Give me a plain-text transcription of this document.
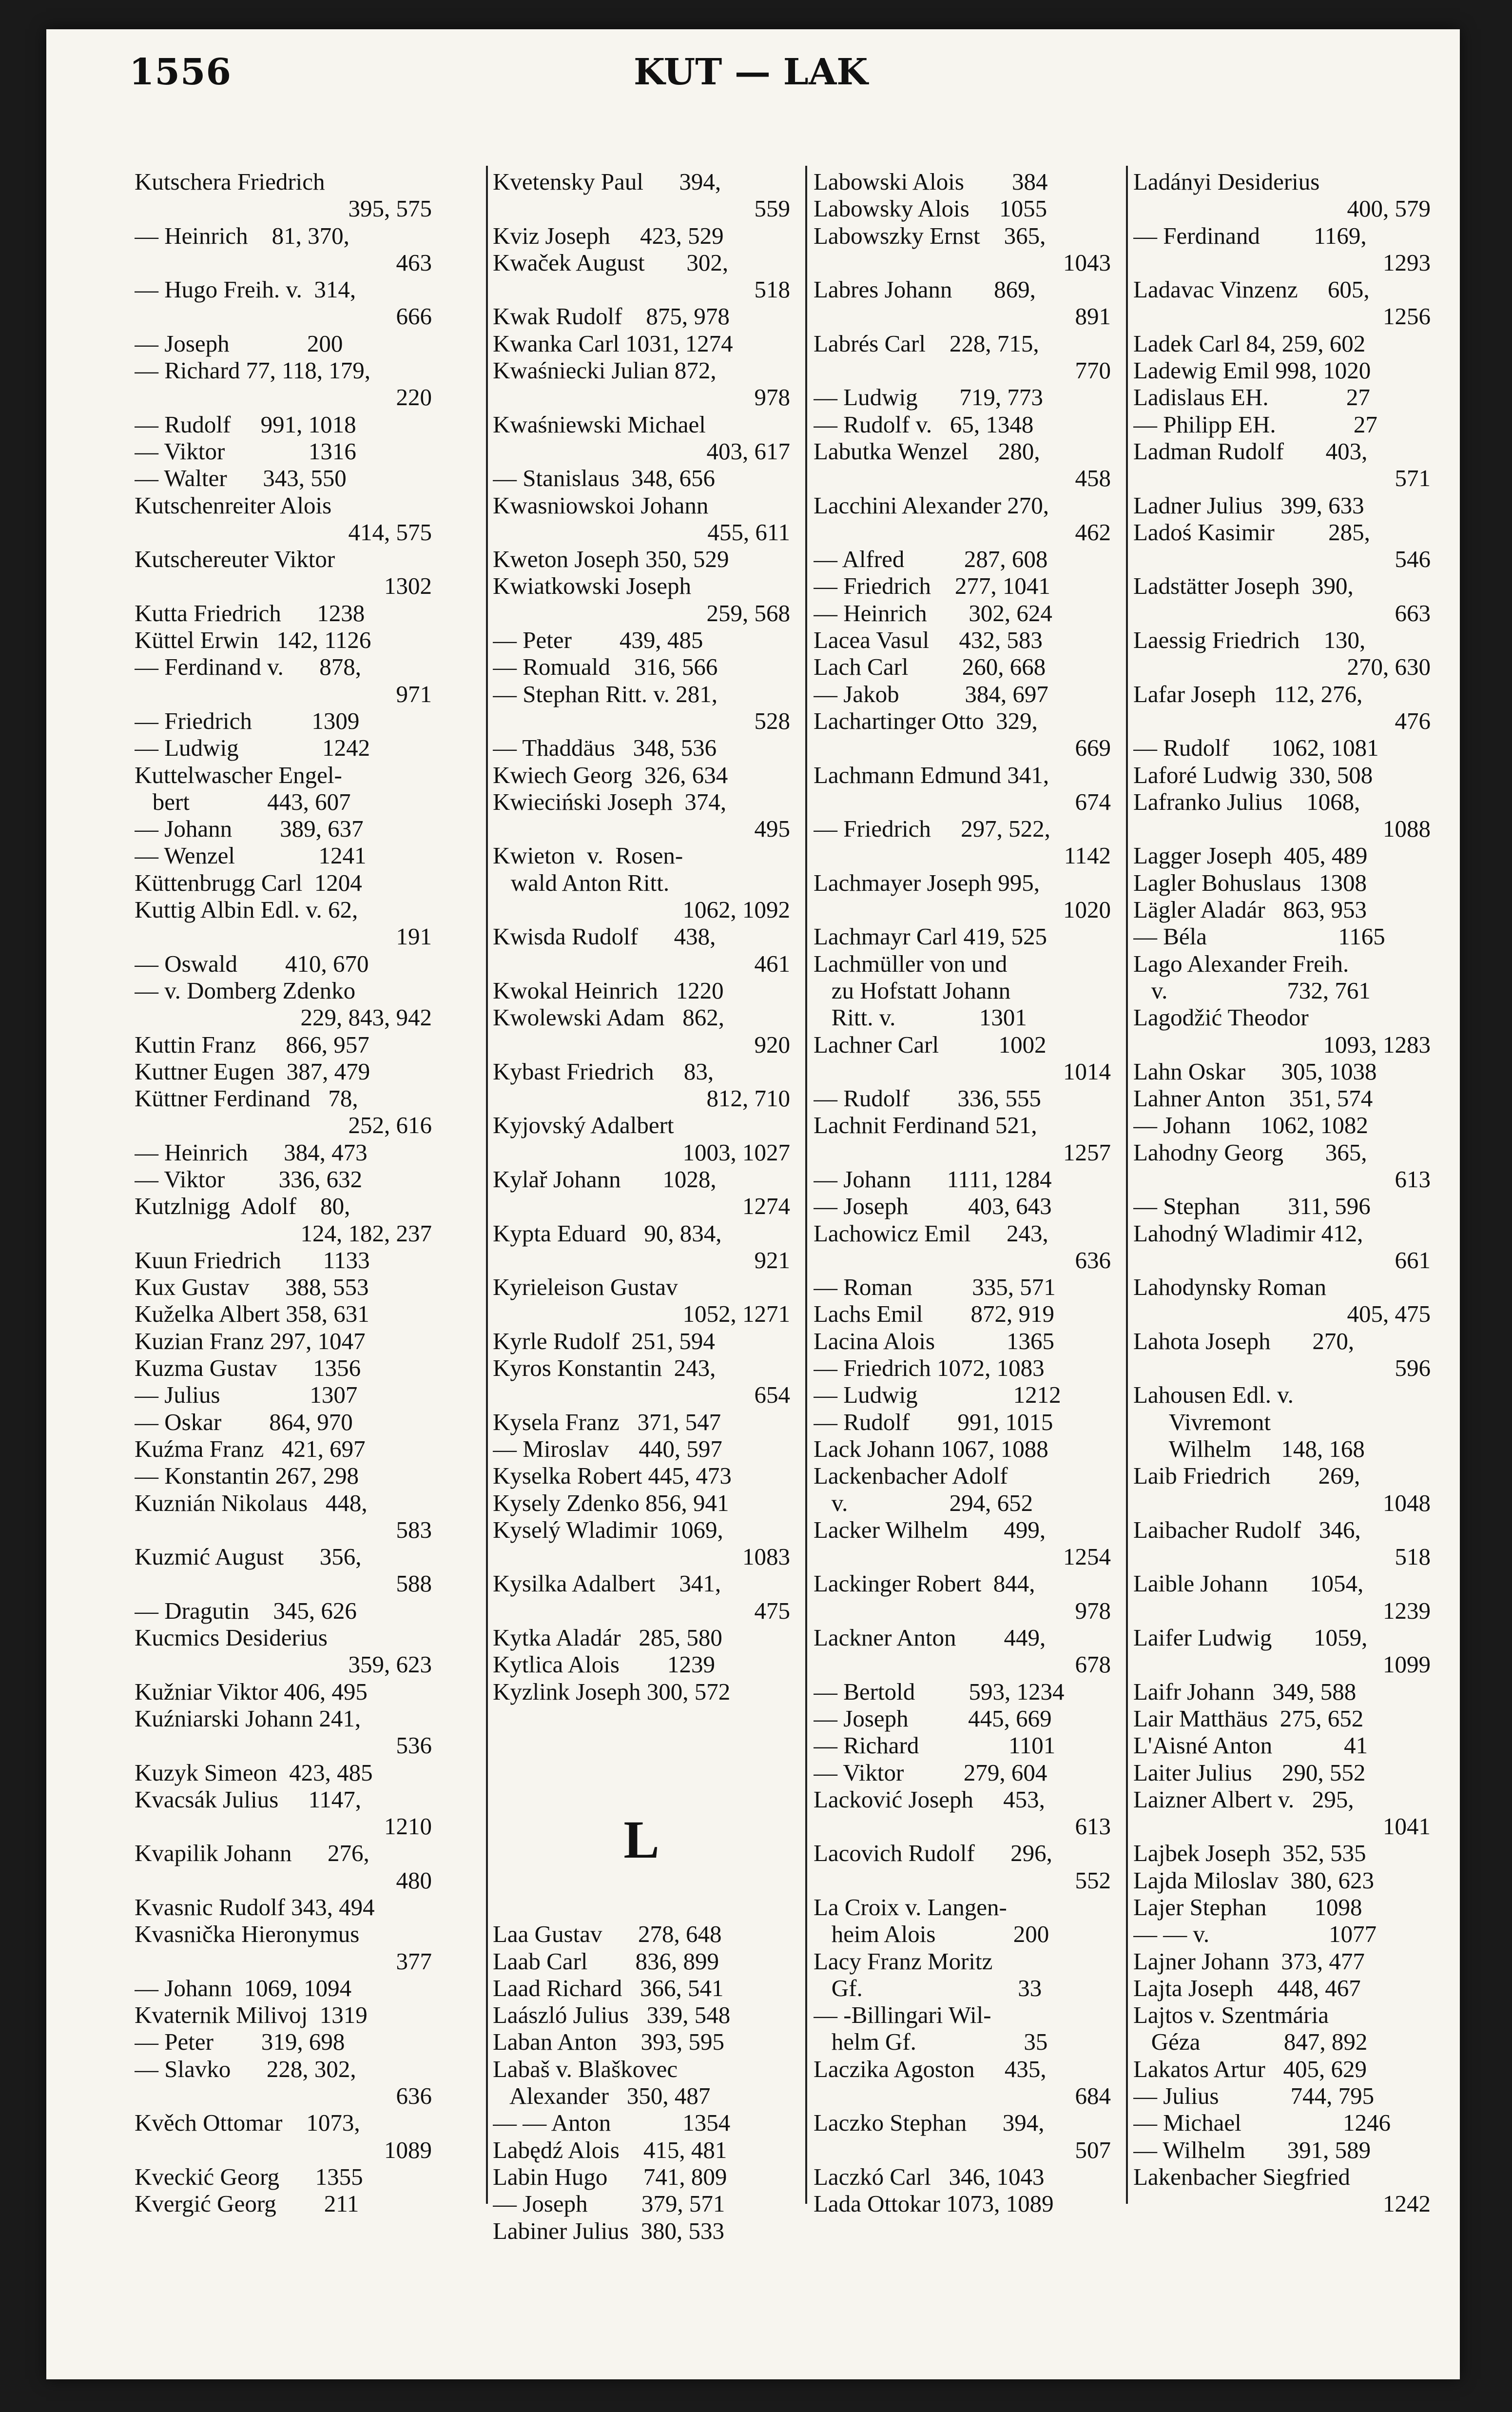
1556	KUT — LAK
Kutschera Friedrich
395, 575
— Heinrich    81, 370,
463
— Hugo Freih. v.  314,
666
— Joseph             200
— Richard 77, 118, 179,
220
— Rudolf     991, 1018
— Viktor              1316
— Walter      343, 550
Kutschenreiter Alois
414, 575
Kutschereuter Viktor
1302
Kutta Friedrich      1238
Küttel Erwin   142, 1126
— Ferdinand v.      878,
971
— Friedrich          1309
— Ludwig              1242
Kuttelwascher Engel-
bert             443, 607
— Johann        389, 637
— Wenzel              1241
Küttenbrugg Carl  1204
Kuttig Albin Edl. v. 62,
191
— Oswald        410, 670
— v. Domberg Zdenko
229, 843, 942
Kuttin Franz     866, 957
Kuttner Eugen  387, 479
Küttner Ferdinand   78,
252, 616
— Heinrich      384, 473
— Viktor         336, 632
Kutzlnigg  Adolf    80,
124, 182, 237
Kuun Friedrich       1133
Kux Gustav      388, 553
Kuželka Albert 358, 631
Kuzian Franz 297, 1047
Kuzma Gustav      1356
— Julius               1307
— Oskar        864, 970
Kuźma Franz   421, 697
— Konstantin 267, 298
Kuznián Nikolaus   448,
583
Kuzmić August      356,
588
— Dragutin    345, 626
Kucmics Desiderius
359, 623
Kužniar Viktor 406, 495
Kuźniarski Johann 241,
536
Kuzyk Simeon  423, 485
Kvacsák Julius     1147,
1210
Kvapilik Johann      276,
480
Kvasnic Rudolf 343, 494
Kvasnička Hieronymus
377
— Johann  1069, 1094
Kvaternik Milivoj  1319
— Peter        319, 698
— Slavko      228, 302,
636
Kvěch Ottomar    1073,
1089
Kveckić Georg      1355
Kvergić Georg        211
Kvetensky Paul      394,
559
Kviz Joseph     423, 529
Kwaček August       302,
518
Kwak Rudolf    875, 978
Kwanka Carl 1031, 1274
Kwaśniecki Julian 872,
978
Kwaśniewski Michael
403, 617
— Stanislaus  348, 656
Kwasniowskoi Johann
455, 611
Kweton Joseph 350, 529
Kwiatkowski Joseph
259, 568
— Peter        439, 485
— Romuald    316, 566
— Stephan Ritt. v. 281,
528
— Thaddäus   348, 536
Kwiech Georg  326, 634
Kwieciński Joseph  374,
495
Kwieton  v.  Rosen-
wald Anton Ritt.
1062, 1092
Kwisda Rudolf      438,
461
Kwokal Heinrich   1220
Kwolewski Adam   862,
920
Kybast Friedrich     83,
812, 710
Kyjovský Adalbert
1003, 1027
Kylař Johann       1028,
1274
Kypta Eduard   90, 834,
921
Kyrieleison Gustav
1052, 1271
Kyrle Rudolf  251, 594
Kyros Konstantin  243,
654
Kysela Franz   371, 547
— Miroslav     440, 597
Kyselka Robert 445, 473
Kysely Zdenko 856, 941
Kyselý Wladimir  1069,
1083
Kysilka Adalbert    341,
475
Kytka Aladár   285, 580
Kytlica Alois        1239
Kyzlink Joseph 300, 572
L
Laa Gustav      278, 648
Laab Carl        836, 899
Laad Richard   366, 541
Laászló Julius   339, 548
Laban Anton    393, 595
Labaš v. Blaškovec
Alexander   350, 487
— — Anton            1354
Labędź Alois    415, 481
Labin Hugo      741, 809
— Joseph         379, 571
Labiner Julius  380, 533
Labowski Alois        384
Labowsky Alois     1055
Labowszky Ernst    365,
1043
Labres Johann       869,
891
Labrés Carl    228, 715,
770
— Ludwig       719, 773
— Rudolf v.   65, 1348
Labutka Wenzel     280,
458
Lacchini Alexander 270,
462
— Alfred          287, 608
— Friedrich    277, 1041
— Heinrich       302, 624
Lacea Vasul     432, 583
Lach Carl         260, 668
— Jakob           384, 697
Lachartinger Otto  329,
669
Lachmann Edmund 341,
674
— Friedrich     297, 522,
1142
Lachmayer Joseph 995,
1020
Lachmayr Carl 419, 525
Lachmüller von und
zu Hofstatt Johann
Ritt. v.              1301
Lachner Carl          1002
1014
— Rudolf        336, 555
Lachnit Ferdinand 521,
1257
— Johann      1111, 1284
— Joseph          403, 643
Lachowicz Emil      243,
636
— Roman          335, 571
Lachs Emil        872, 919
Lacina Alois            1365
— Friedrich 1072, 1083
— Ludwig                1212
— Rudolf        991, 1015
Lack Johann 1067, 1088
Lackenbacher Adolf
v.                 294, 652
Lacker Wilhelm      499,
1254
Lackinger Robert  844,
978
Lackner Anton        449,
678
— Bertold         593, 1234
— Joseph          445, 669
— Richard               1101
— Viktor          279, 604
Lacković Joseph     453,
613
Lacovich Rudolf      296,
552
La Croix v. Langen-
heim Alois             200
Lacy Franz Moritz
Gf.                          33
— -Billingari Wil-
helm Gf.                  35
Laczika Agoston     435,
684
Laczko Stephan      394,
507
Laczkó Carl   346, 1043
Lada Ottokar 1073, 1089
Ladányi Desiderius
400, 579
— Ferdinand         1169,
1293
Ladavac Vinzenz     605,
1256
Ladek Carl 84, 259, 602
Ladewig Emil 998, 1020
Ladislaus EH.             27
— Philipp EH.             27
Ladman Rudolf       403,
571
Ladner Julius   399, 633
Ladoś Kasimir         285,
546
Ladstätter Joseph  390,
663
Laessig Friedrich    130,
270, 630
Lafar Joseph   112, 276,
476
— Rudolf       1062, 1081
Laforé Ludwig  330, 508
Lafranko Julius    1068,
1088
Lagger Joseph  405, 489
Lagler Bohuslaus   1308
Lägler Aladár   863, 953
— Béla                      1165
Lago Alexander Freih.
v.                    732, 761
Lagodžić Theodor
1093, 1283
Lahn Oskar      305, 1038
Lahner Anton    351, 574
— Johann     1062, 1082
Lahodny Georg       365,
613
— Stephan        311, 596
Lahodný Wladimir 412,
661
Lahodynsky Roman
405, 475
Lahota Joseph       270,
596
Lahousen Edl. v.
Vivremont
Wilhelm     148, 168
Laib Friedrich        269,
1048
Laibacher Rudolf   346,
518
Laible Johann       1054,
1239
Laifer Ludwig       1059,
1099
Laifr Johann   349, 588
Lair Matthäus  275, 652
L'Aisné Anton            41
Laiter Julius     290, 552
Laizner Albert v.   295,
1041
Lajbek Joseph  352, 535
Lajda Miloslav  380, 623
Lajer Stephan        1098
— — v.                    1077
Lajner Johann  373, 477
Lajta Joseph    448, 467
Lajtos v. Szentmária
Géza              847, 892
Lakatos Artur   405, 629
— Julius            744, 795
— Michael                 1246
— Wilhelm       391, 589
Lakenbacher Siegfried
1242
